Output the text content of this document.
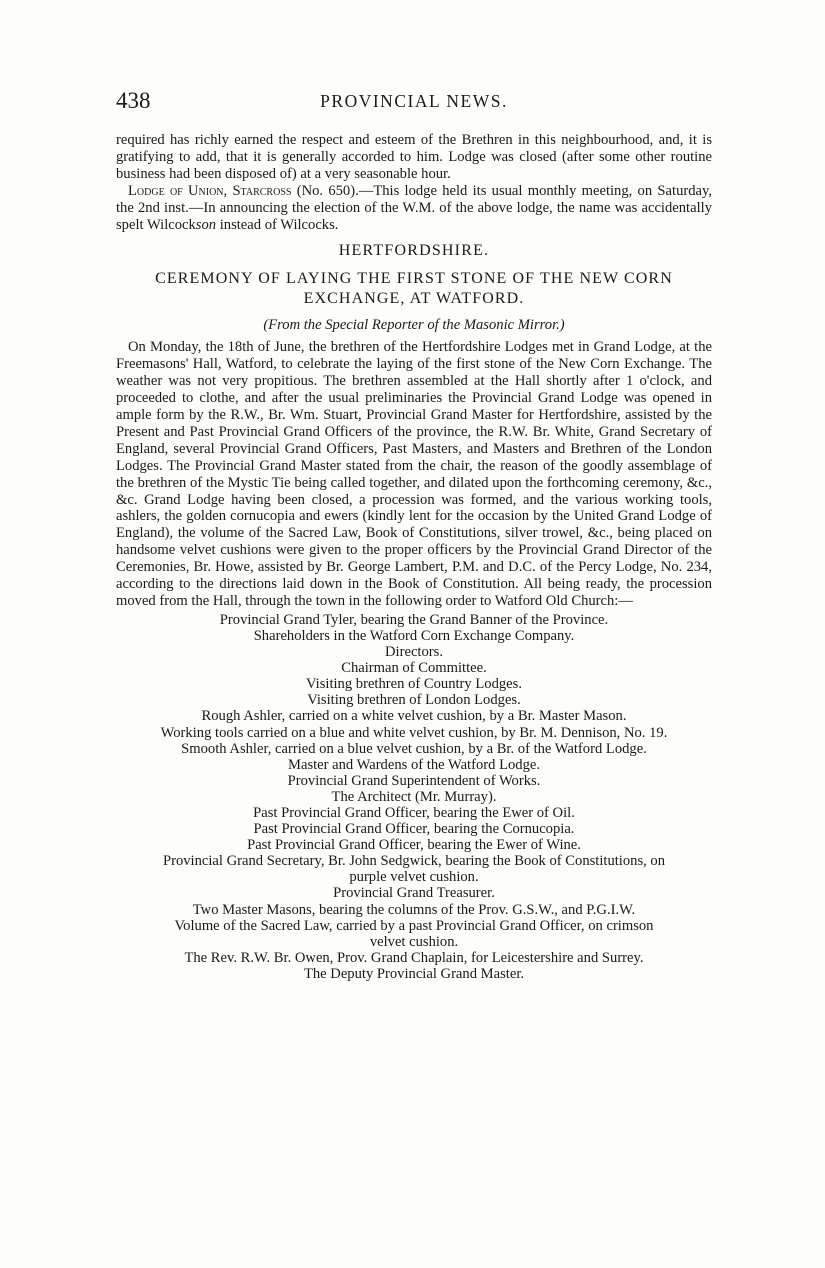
438	PROVINCIAL NEWS.

required has richly earned the respect and esteem of the Brethren in this neighbourhood, and, it is gratifying to add, that it is generally accorded to him. Lodge was closed (after some other routine business had been disposed of) at a very seasonable hour.

Lodge of Union, Starcross (No. 650).—This lodge held its usual monthly meeting, on Saturday, the 2nd inst.—In announcing the election of the W.M. of the above lodge, the name was accidentally spelt Wilcockson instead of Wilcocks.

HERTFORDSHIRE.
CEREMONY OF LAYING THE FIRST STONE OF THE NEW CORN EXCHANGE, AT WATFORD.
(From the Special Reporter of the Masonic Mirror.)

On Monday, the 18th of June, the brethren of the Hertfordshire Lodges met in Grand Lodge, at the Freemasons' Hall, Watford, to celebrate the laying of the first stone of the New Corn Exchange. The weather was not very propitious. The brethren assembled at the Hall shortly after 1 o'clock, and proceeded to clothe, and after the usual preliminaries the Provincial Grand Lodge was opened in ample form by the R.W., Br. Wm. Stuart, Provincial Grand Master for Hertfordshire, assisted by the Present and Past Provincial Grand Officers of the province, the R.W. Br. White, Grand Secretary of England, several Provincial Grand Officers, Past Masters, and Masters and Brethren of the London Lodges. The Provincial Grand Master stated from the chair, the reason of the goodly assemblage of the brethren of the Mystic Tie being called together, and dilated upon the forthcoming ceremony, &c., &c. Grand Lodge having been closed, a procession was formed, and the various working tools, ashlers, the golden cornucopia and ewers (kindly lent for the occasion by the United Grand Lodge of England), the volume of the Sacred Law, Book of Constitutions, silver trowel, &c., being placed on handsome velvet cushions were given to the proper officers by the Provincial Grand Director of the Ceremonies, Br. Howe, assisted by Br. George Lambert, P.M. and D.C. of the Percy Lodge, No. 234, according to the directions laid down in the Book of Constitution. All being ready, the procession moved from the Hall, through the town in the following order to Watford Old Church:—

Provincial Grand Tyler, bearing the Grand Banner of the Province.
Shareholders in the Watford Corn Exchange Company.
Directors.
Chairman of Committee.
Visiting brethren of Country Lodges.
Visiting brethren of London Lodges.
Rough Ashler, carried on a white velvet cushion, by a Br. Master Mason.
Working tools carried on a blue and white velvet cushion, by Br. M. Dennison, No. 19.
Smooth Ashler, carried on a blue velvet cushion, by a Br. of the Watford Lodge.
Master and Wardens of the Watford Lodge.
Provincial Grand Superintendent of Works.
The Architect (Mr. Murray).
Past Provincial Grand Officer, bearing the Ewer of Oil.
Past Provincial Grand Officer, bearing the Cornucopia.
Past Provincial Grand Officer, bearing the Ewer of Wine.
Provincial Grand Secretary, Br. John Sedgwick, bearing the Book of Constitutions, on
purple velvet cushion.
Provincial Grand Treasurer.
Two Master Masons, bearing the columns of the Prov. G.S.W., and P.G.I.W.
Volume of the Sacred Law, carried by a past Provincial Grand Officer, on crimson
velvet cushion.
The Rev. R.W. Br. Owen, Prov. Grand Chaplain, for Leicestershire and Surrey.
The Deputy Provincial Grand Master.
